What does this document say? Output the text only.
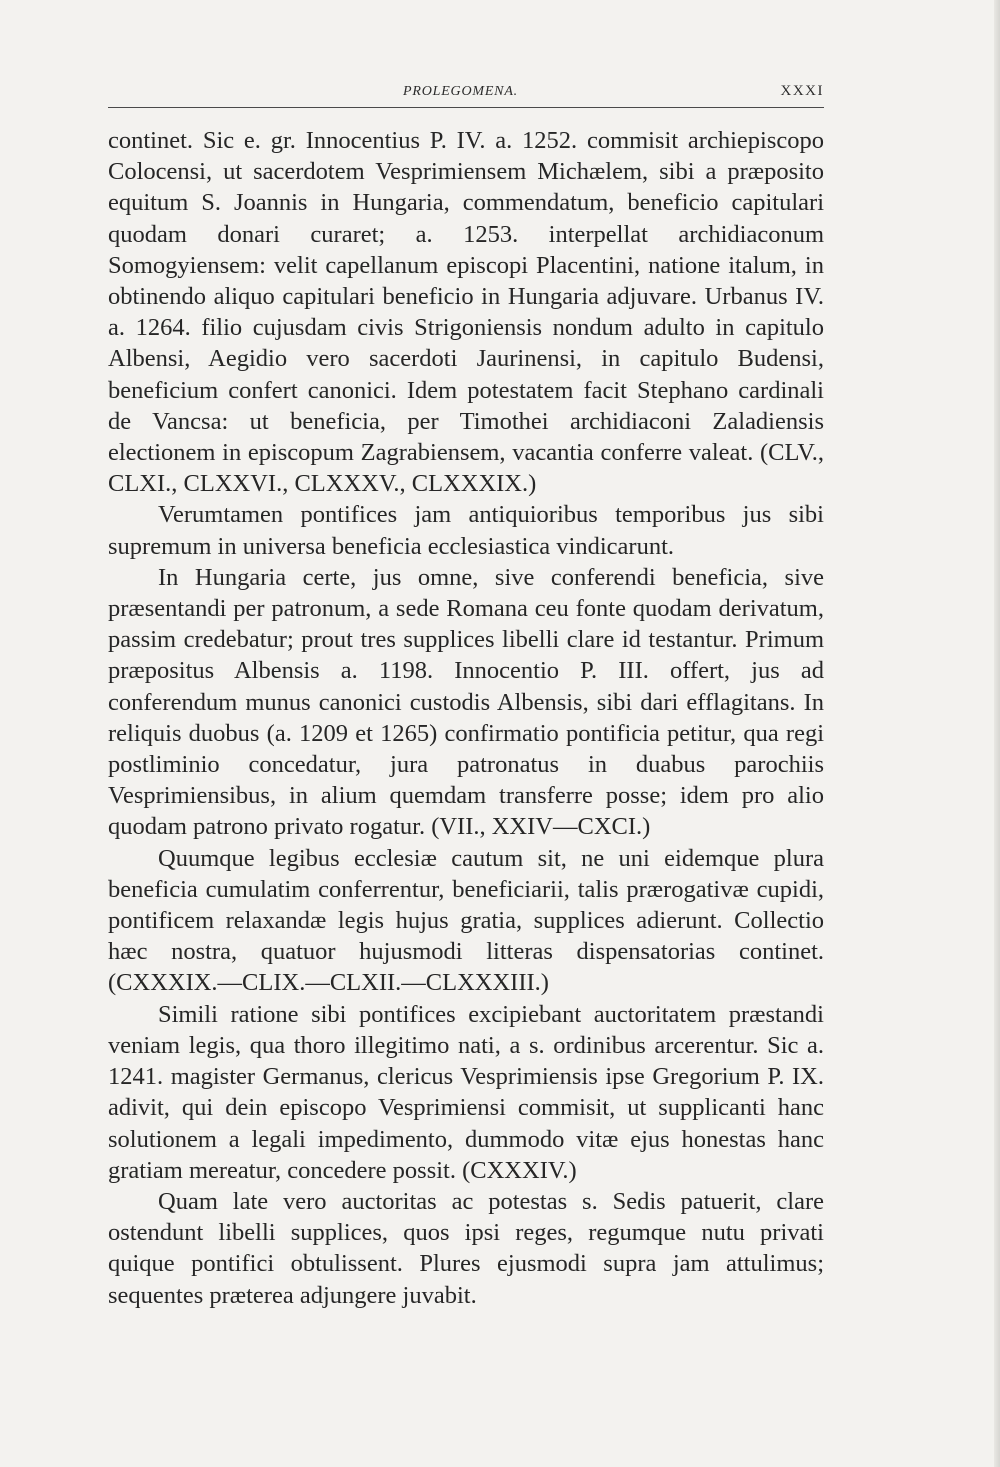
PROLEGOMENA.	XXXI

continet. Sic e. gr. Innocentius P. IV. a. 1252. commisit archiepiscopo Colocensi, ut sacerdotem Vesprimiensem Michælem, sibi a præposito equitum S. Joannis in Hungaria, commendatum, beneficio capitulari quodam donari curaret; a. 1253. interpellat archidiaconum Somogyiensem: velit capellanum episcopi Placentini, natione italum, in obtinendo aliquo capitulari beneficio in Hungaria adjuvare. Urbanus IV. a. 1264. filio cujusdam civis Strigoniensis nondum adulto in capitulo Albensi, Aegidio vero sacerdoti Jaurinensi, in capitulo Budensi, beneficium confert canonici. Idem potestatem facit Stephano cardinali de Vancsa: ut beneficia, per Timothei archidiaconi Zaladiensis electionem in episcopum Zagrabiensem, vacantia conferre valeat. (CLV., CLXI., CLXXVI., CLXXXV., CLXXXIX.)

Verumtamen pontifices jam antiquioribus temporibus jus sibi supremum in universa beneficia ecclesiastica vindicarunt.

In Hungaria certe, jus omne, sive conferendi beneficia, sive præsentandi per patronum, a sede Romana ceu fonte quodam derivatum, passim credebatur; prout tres supplices libelli clare id testantur. Primum præpositus Albensis a. 1198. Innocentio P. III. offert, jus ad conferendum munus canonici custodis Albensis, sibi dari efflagitans. In reliquis duobus (a. 1209 et 1265) confirmatio pontificia petitur, qua regi postliminio concedatur, jura patronatus in duabus parochiis Vesprimiensibus, in alium quemdam transferre posse; idem pro alio quodam patrono privato rogatur. (VII., XXIV—CXCI.)

Quumque legibus ecclesiæ cautum sit, ne uni eidemque plura beneficia cumulatim conferrentur, beneficiarii, talis prærogativæ cupidi, pontificem relaxandæ legis hujus gratia, supplices adierunt. Collectio hæc nostra, quatuor hujusmodi litteras dispensatorias continet. (CXXXIX.—CLIX.—CLXII.—CLXXXIII.)

Simili ratione sibi pontifices excipiebant auctoritatem præstandi veniam legis, qua thoro illegitimo nati, a s. ordinibus arcerentur. Sic a. 1241. magister Germanus, clericus Vesprimiensis ipse Gregorium P. IX. adivit, qui dein episcopo Vesprimiensi commisit, ut supplicanti hanc solutionem a legali impedimento, dummodo vitæ ejus honestas hanc gratiam mereatur, concedere possit. (CXXXIV.)

Quam late vero auctoritas ac potestas s. Sedis patuerit, clare ostendunt libelli supplices, quos ipsi reges, regumque nutu privati quique pontifici obtulissent. Plures ejusmodi supra jam attulimus; sequentes præterea adjungere juvabit.
